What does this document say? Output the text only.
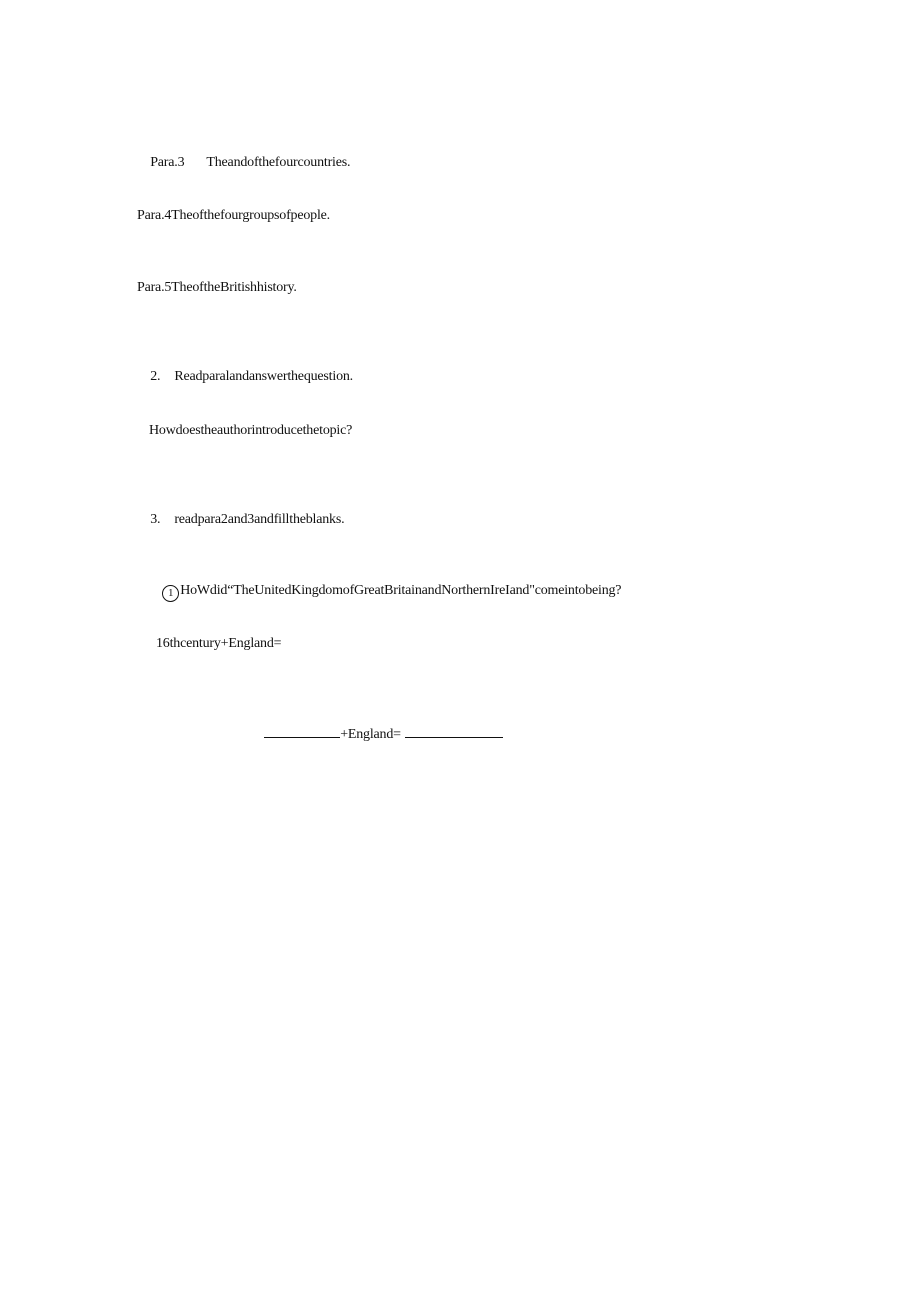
Para.3 Theandofthefourcountries.

Para.4Theofthefourgroupsofpeople.
Para.5TheoftheBritishhistory.

2. Readparalandanswerthequestion.

Howdoestheauthorintroducethetopic?

3. readpara2and3andfilltheblanks.

1 HoWdid“TheUnitedKingdomofGreatBritainandNorthernIreIand"comeintobeing?

16thcentury+England=

+England=
